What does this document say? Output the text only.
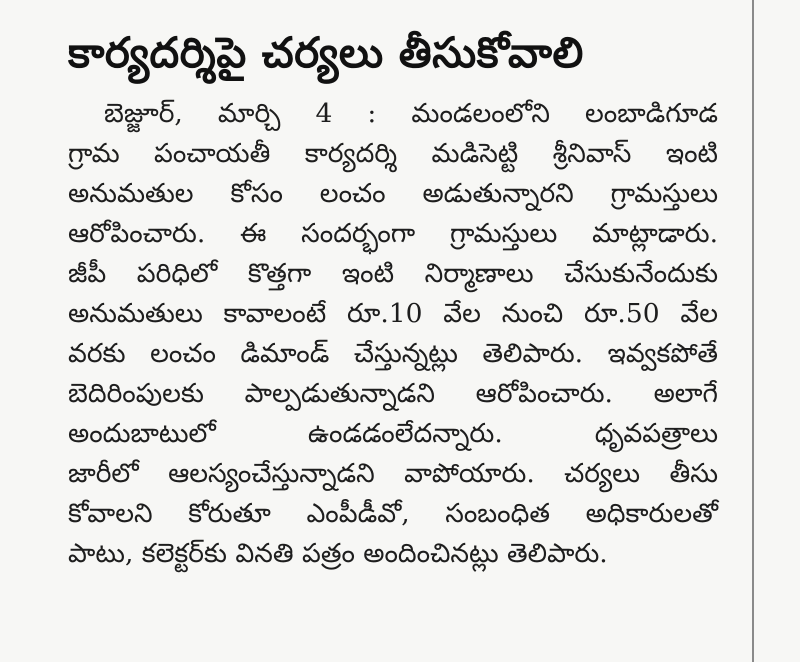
కార్యదర్శిపై చర్యలు తీసుకోవాలి
బెజ్జూర్, మార్చి 4 : మండలంలోని లంబాడిగూడ
గ్రామ పంచాయతీ కార్యదర్శి మడిసెట్టి శ్రీనివాస్ ఇంటి
అనుమతుల కోసం లంచం అడుతున్నారని గ్రామస్తులు
ఆరోపించారు. ఈ సందర్భంగా గ్రామస్తులు మాట్లాడారు.
జీపీ పరిధిలో కొత్తగా ఇంటి నిర్మాణాలు చేసుకునేందుకు
అనుమతులు కావాలంటే రూ.10 వేల నుంచి రూ.50 వేల
వరకు లంచం డిమాండ్ చేస్తున్నట్లు తెలిపారు. ఇవ్వకపోతే
బెదిరింపులకు పాల్పడుతున్నాడని ఆరోపించారు. అలాగే
అందుబాటులో ఉండడంలేదన్నారు. ధృవపత్రాలు
జారీలో ఆలస్యంచేస్తున్నాడని వాపోయారు. చర్యలు తీసు
కోవాలని కోరుతూ ఎంపీడీవో, సంబంధిత అధికారులతో
పాటు, కలెక్టర్‌కు వినతి పత్రం అందించినట్లు తెలిపారు.
